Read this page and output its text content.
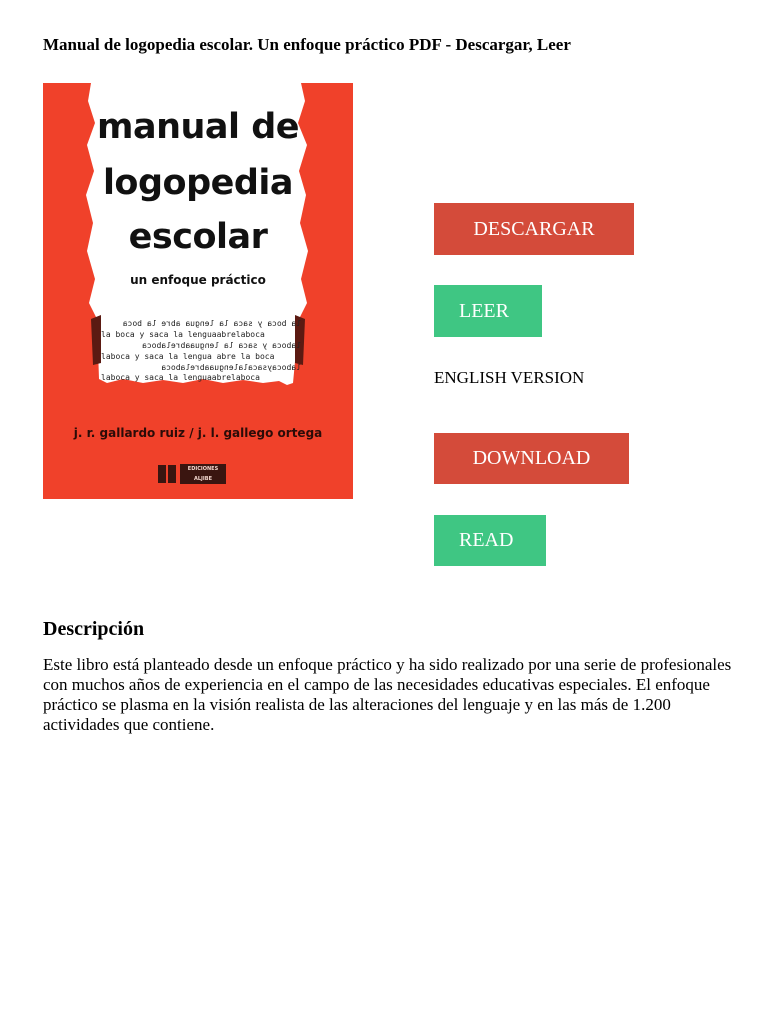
Manual de logopedia escolar. Un enfoque práctico PDF - Descargar, Leer
manual de
logopedia
escolar
un enfoque práctico
la boca y saca la lengua abre la boca
la boca y saca la lenguaabrelaboca
laboca y saca la lenguaabrelaboca
laboca y saca la lengua abre la boca
labocaysacalalenguaabrelaboca
laboca y saca la lenguaabrelaboca
j. r. gallardo ruiz / j. l. gallego ortega
EDICIONES
ALJIBE
DESCARGAR
LEER
ENGLISH VERSION
DOWNLOAD
READ
Descripción
Este libro está planteado desde un enfoque práctico y ha sido realizado por una serie de profesionales con muchos años de experiencia en el campo de las necesidades educativas especiales. El enfoque práctico se plasma en la visión realista de las alteraciones del lenguaje y en las más de 1.200 actividades que contiene.
